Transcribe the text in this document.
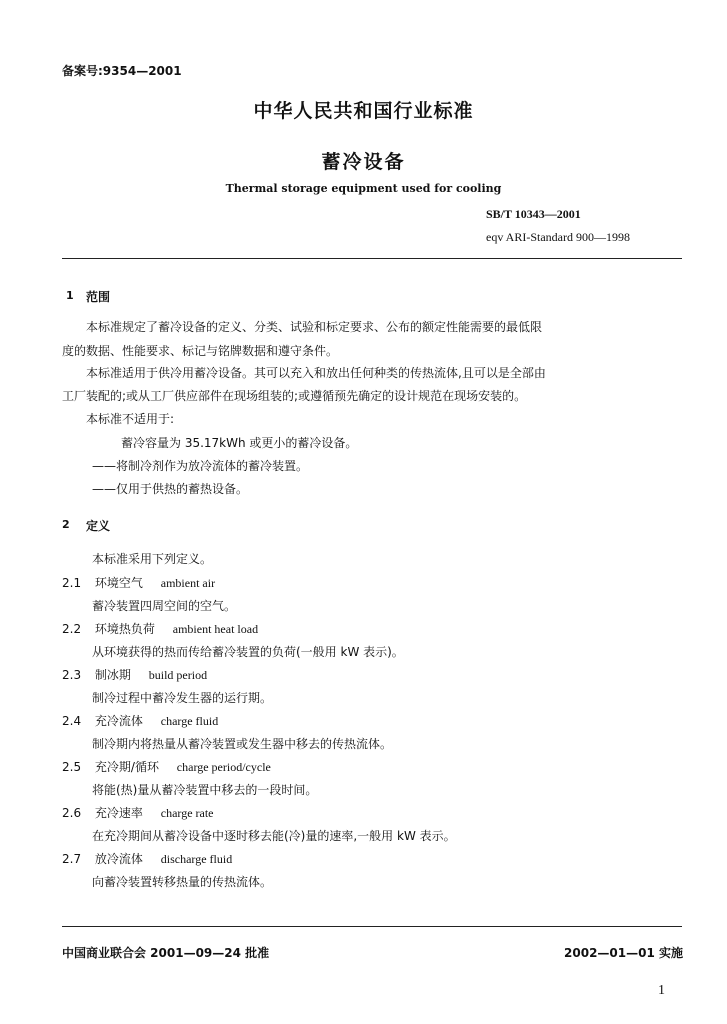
备案号:9354—2001
中华人民共和国行业标准
蓄冷设备
Thermal storage equipment used for cooling
SB/T 10343—2001
eqv ARI-Standard 900—1998
1 范围
本标准规定了蓄冷设备的定义、分类、试验和标定要求、公布的额定性能需要的最低限
度的数据、性能要求、标记与铭牌数据和遵守条件。
本标准适用于供冷用蓄冷设备。其可以充入和放出任何种类的传热流体,且可以是全部由
工厂装配的;或从工厂供应部件在现场组装的;或遵循预先确定的设计规范在现场安装的。
本标准不适用于:
蓄冷容量为 35.17kWh 或更小的蓄冷设备。
——将制冷剂作为放冷流体的蓄冷装置。
——仅用于供热的蓄热设备。
2 定义
本标准采用下列定义。
2.1 环境空气 ambient air
蓄冷装置四周空间的空气。
2.2 环境热负荷 ambient heat load
从环境获得的热而传给蓄冷装置的负荷(一般用 kW 表示)。
2.3 制冰期 build period
制冷过程中蓄冷发生器的运行期。
2.4 充冷流体 charge fluid
制冷期内将热量从蓄冷装置或发生器中移去的传热流体。
2.5 充冷期/循环 charge period/cycle
将能(热)量从蓄冷装置中移去的一段时间。
2.6 充冷速率 charge rate
在充冷期间从蓄冷设备中逐时移去能(冷)量的速率,一般用 kW 表示。
2.7 放冷流体 discharge fluid
向蓄冷装置转移热量的传热流体。
中国商业联合会 2001—09—24 批准	2002—01—01 实施
1
